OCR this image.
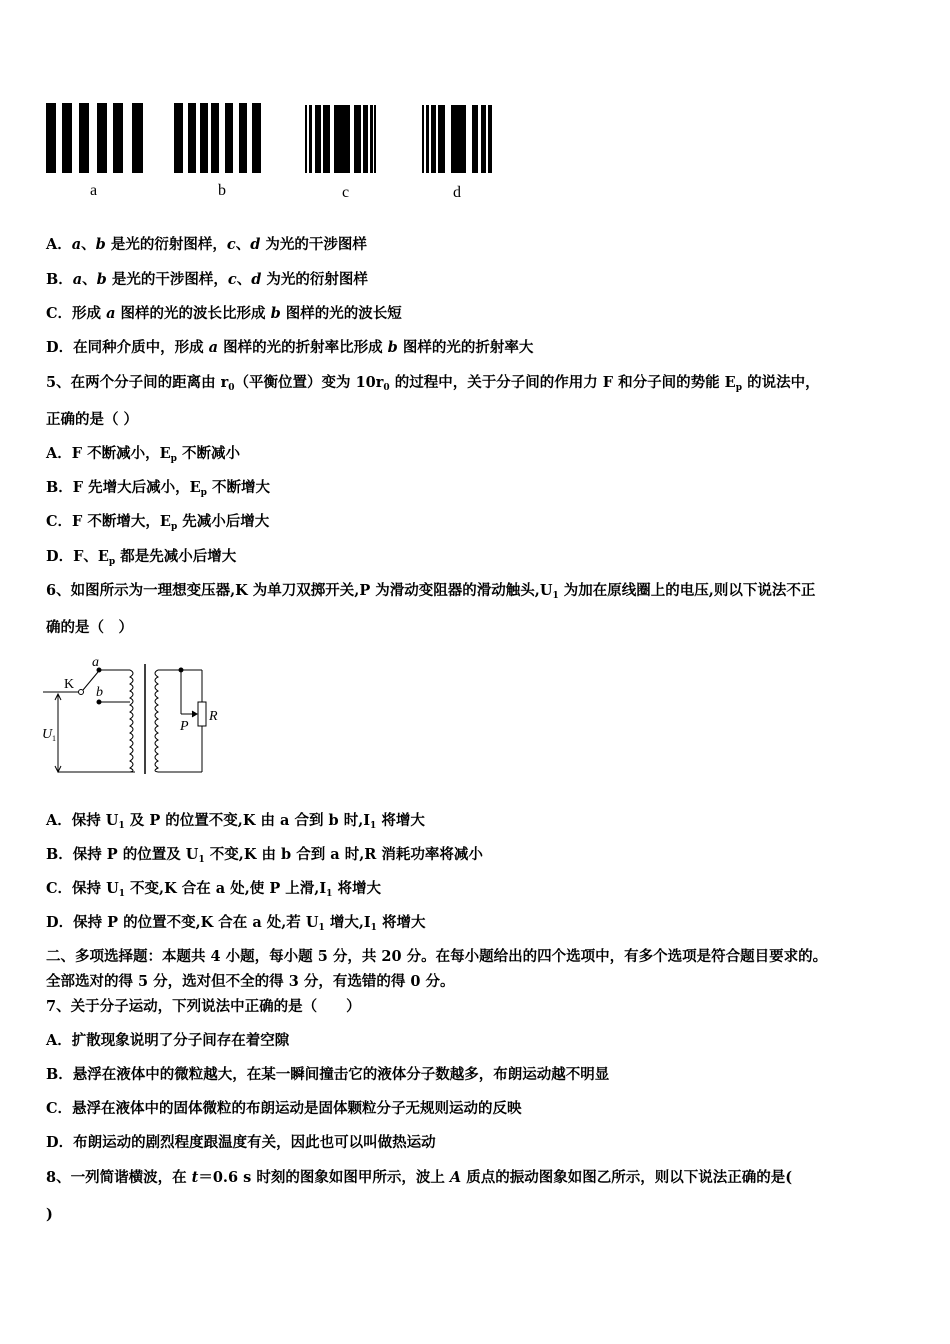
a	b	c	d
K
a
b
U 1
P
R
A．a、b 是光的衍射图样，c、d 为光的干涉图样
B．a、b 是光的干涉图样，c、d 为光的衍射图样
C．形成 a 图样的光的波长比形成 b 图样的光的波长短
D．在同种介质中，形成 a 图样的光的折射率比形成 b 图样的光的折射率大
5、在两个分子间的距离由 $r_0$（平衡位置）变为 $10r_0$ 的过程中，关于分子间的作用力 F 和分子间的势能 $E_p$ 的说法中，
正确的是（ ）
A．F 不断减小，$E_p$ 不断减小
B．F 先增大后减小，$E_p$ 不断增大
C．F 不断增大，$E_p$ 先减小后增大
D．F、$E_p$ 都是先减小后增大
6、如图所示为一理想变压器,K 为单刀双掷开关,P 为滑动变阻器的滑动触头$,U_1$ 为加在原线圈上的电压,则以下说法不正
确的是（　）
A．保持 $U_1$ 及 P 的位置不变,K 由 a 合到 b 时$,I_1$ 将增大
B．保持 P 的位置及 $U_1$ 不变,K 由 b 合到 a 时,R 消耗功率将减小
C．保持 $U_1$ 不变,K 合在 a 处,使 P 上滑$,I_1$ 将增大
D．保持 P 的位置不变,K 合在 a 处,若 $U_1$ 增大$,I_1$ 将增大
二、多项选择题：本题共 4 小题，每小题 5 分，共 20 分。在每小题给出的四个选项中，有多个选项是符合题目要求的。
全部选对的得 5 分，选对但不全的得 3 分，有选错的得 0 分。
7、关于分子运动，下列说法中正确的是（　　）
A．扩散现象说明了分子间存在着空隙
B．悬浮在液体中的微粒越大，在某一瞬间撞击它的液体分子数越多，布朗运动越不明显
C．悬浮在液体中的固体微粒的布朗运动是固体颗粒分子无规则运动的反映
D．布朗运动的剧烈程度跟温度有关，因此也可以叫做热运动
8、一列简谐横波，在 t＝0.6 s 时刻的图象如图甲所示，波上 A 质点的振动图象如图乙所示，则以下说法正确的是(
)
